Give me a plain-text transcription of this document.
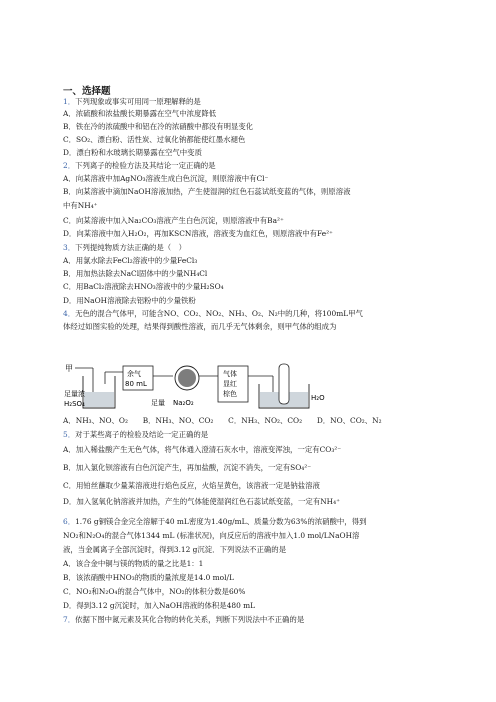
一、选择题
1．下列现象或事实可用同一原理解释的是
A．浓硫酸和浓盐酸长期暴露在空气中浓度降低
B．铁在冷的浓硫酸中和铝在冷的浓硝酸中都没有明显变化
C．SO₂、漂白粉、活性炭、过氧化钠都能使红墨水褪色
D．漂白粉和水玻璃长期暴露在空气中变质
2．下列离子的检验方法及其结论一定正确的是
A．向某溶液中加AgNO₃溶液生成白色沉淀，则原溶液中有Cl⁻
B．向某溶液中滴加NaOH溶液加热，产生使湿润的红色石蕊试纸变蓝的气体，则原溶液
中有NH₄⁺
C．向某溶液中加入Na₂CO₃溶液产生白色沉淀，则原溶液中有Ba²⁺
D．向某溶液中加入H₂O₂，再加KSCN溶液，溶液变为血红色，则原溶液中有Fe²⁺
3．下列提纯物质方法正确的是（　）
A．用氯水除去FeCl₂溶液中的少量FeCl₃
B．用加热法除去NaCl固体中的少量NH₄Cl
C．用BaCl₂溶液除去HNO₃溶液中的少量H₂SO₄
D．用NaOH溶液除去铝粉中的少量铁粉
4．无色的混合气体甲，可能含NO、CO₂、NO₂、NH₃、O₂、N₂中的几种，将100mL甲气
体经过如图实验的处理，结果得到酸性溶液，而几乎无气体剩余，则甲气体的组成为
甲
足量浓
H₂SO₄
余气
80 mL
足量 Na₂O₂
气体
显红
棕色	H₂O
A．NH₃、NO、O₂　　B．NH₃、NO、CO₂　　C．NH₃、NO₂、CO₂　　D．NO、CO₂、N₂
5．对于某些离子的检验及结论一定正确的是
A．加入稀盐酸产生无色气体，将气体通入澄清石灰水中，溶液变浑浊，一定有CO₃²⁻
B．加入氯化钡溶液有白色沉淀产生，再加盐酸，沉淀不消失，一定有SO₄²⁻
C．用铂丝蘸取少量某溶液进行焰色反应，火焰呈黄色，该溶液一定是钠盐溶液
D．加入氢氧化钠溶液并加热，产生的气体能使湿润红色石蕊试纸变蓝，一定有NH₄⁺
6．1.76 g铜镁合金完全溶解于40 mL密度为1.40g/mL、质量分数为63%的浓硝酸中，得到
NO₂和N₂O₄的混合气体1344 mL (标准状况)，向反应后的溶液中加入1.0 mol/LNaOH溶
液，当金属离子全部沉淀时，得到3.12 g沉淀．下列说法不正确的是
A．该合金中铜与镁的物质的量之比是1：1
B．该浓硝酸中HNO₃的物质的量浓度是14.0 mol/L
C．NO₂和N₂O₄的混合气体中，NO₂的体积分数是60%
D．得到3.12 g沉淀时，加入NaOH溶液的体积是480 mL
7．依据下图中氮元素及其化合物的转化关系，判断下列说法中不正确的是
